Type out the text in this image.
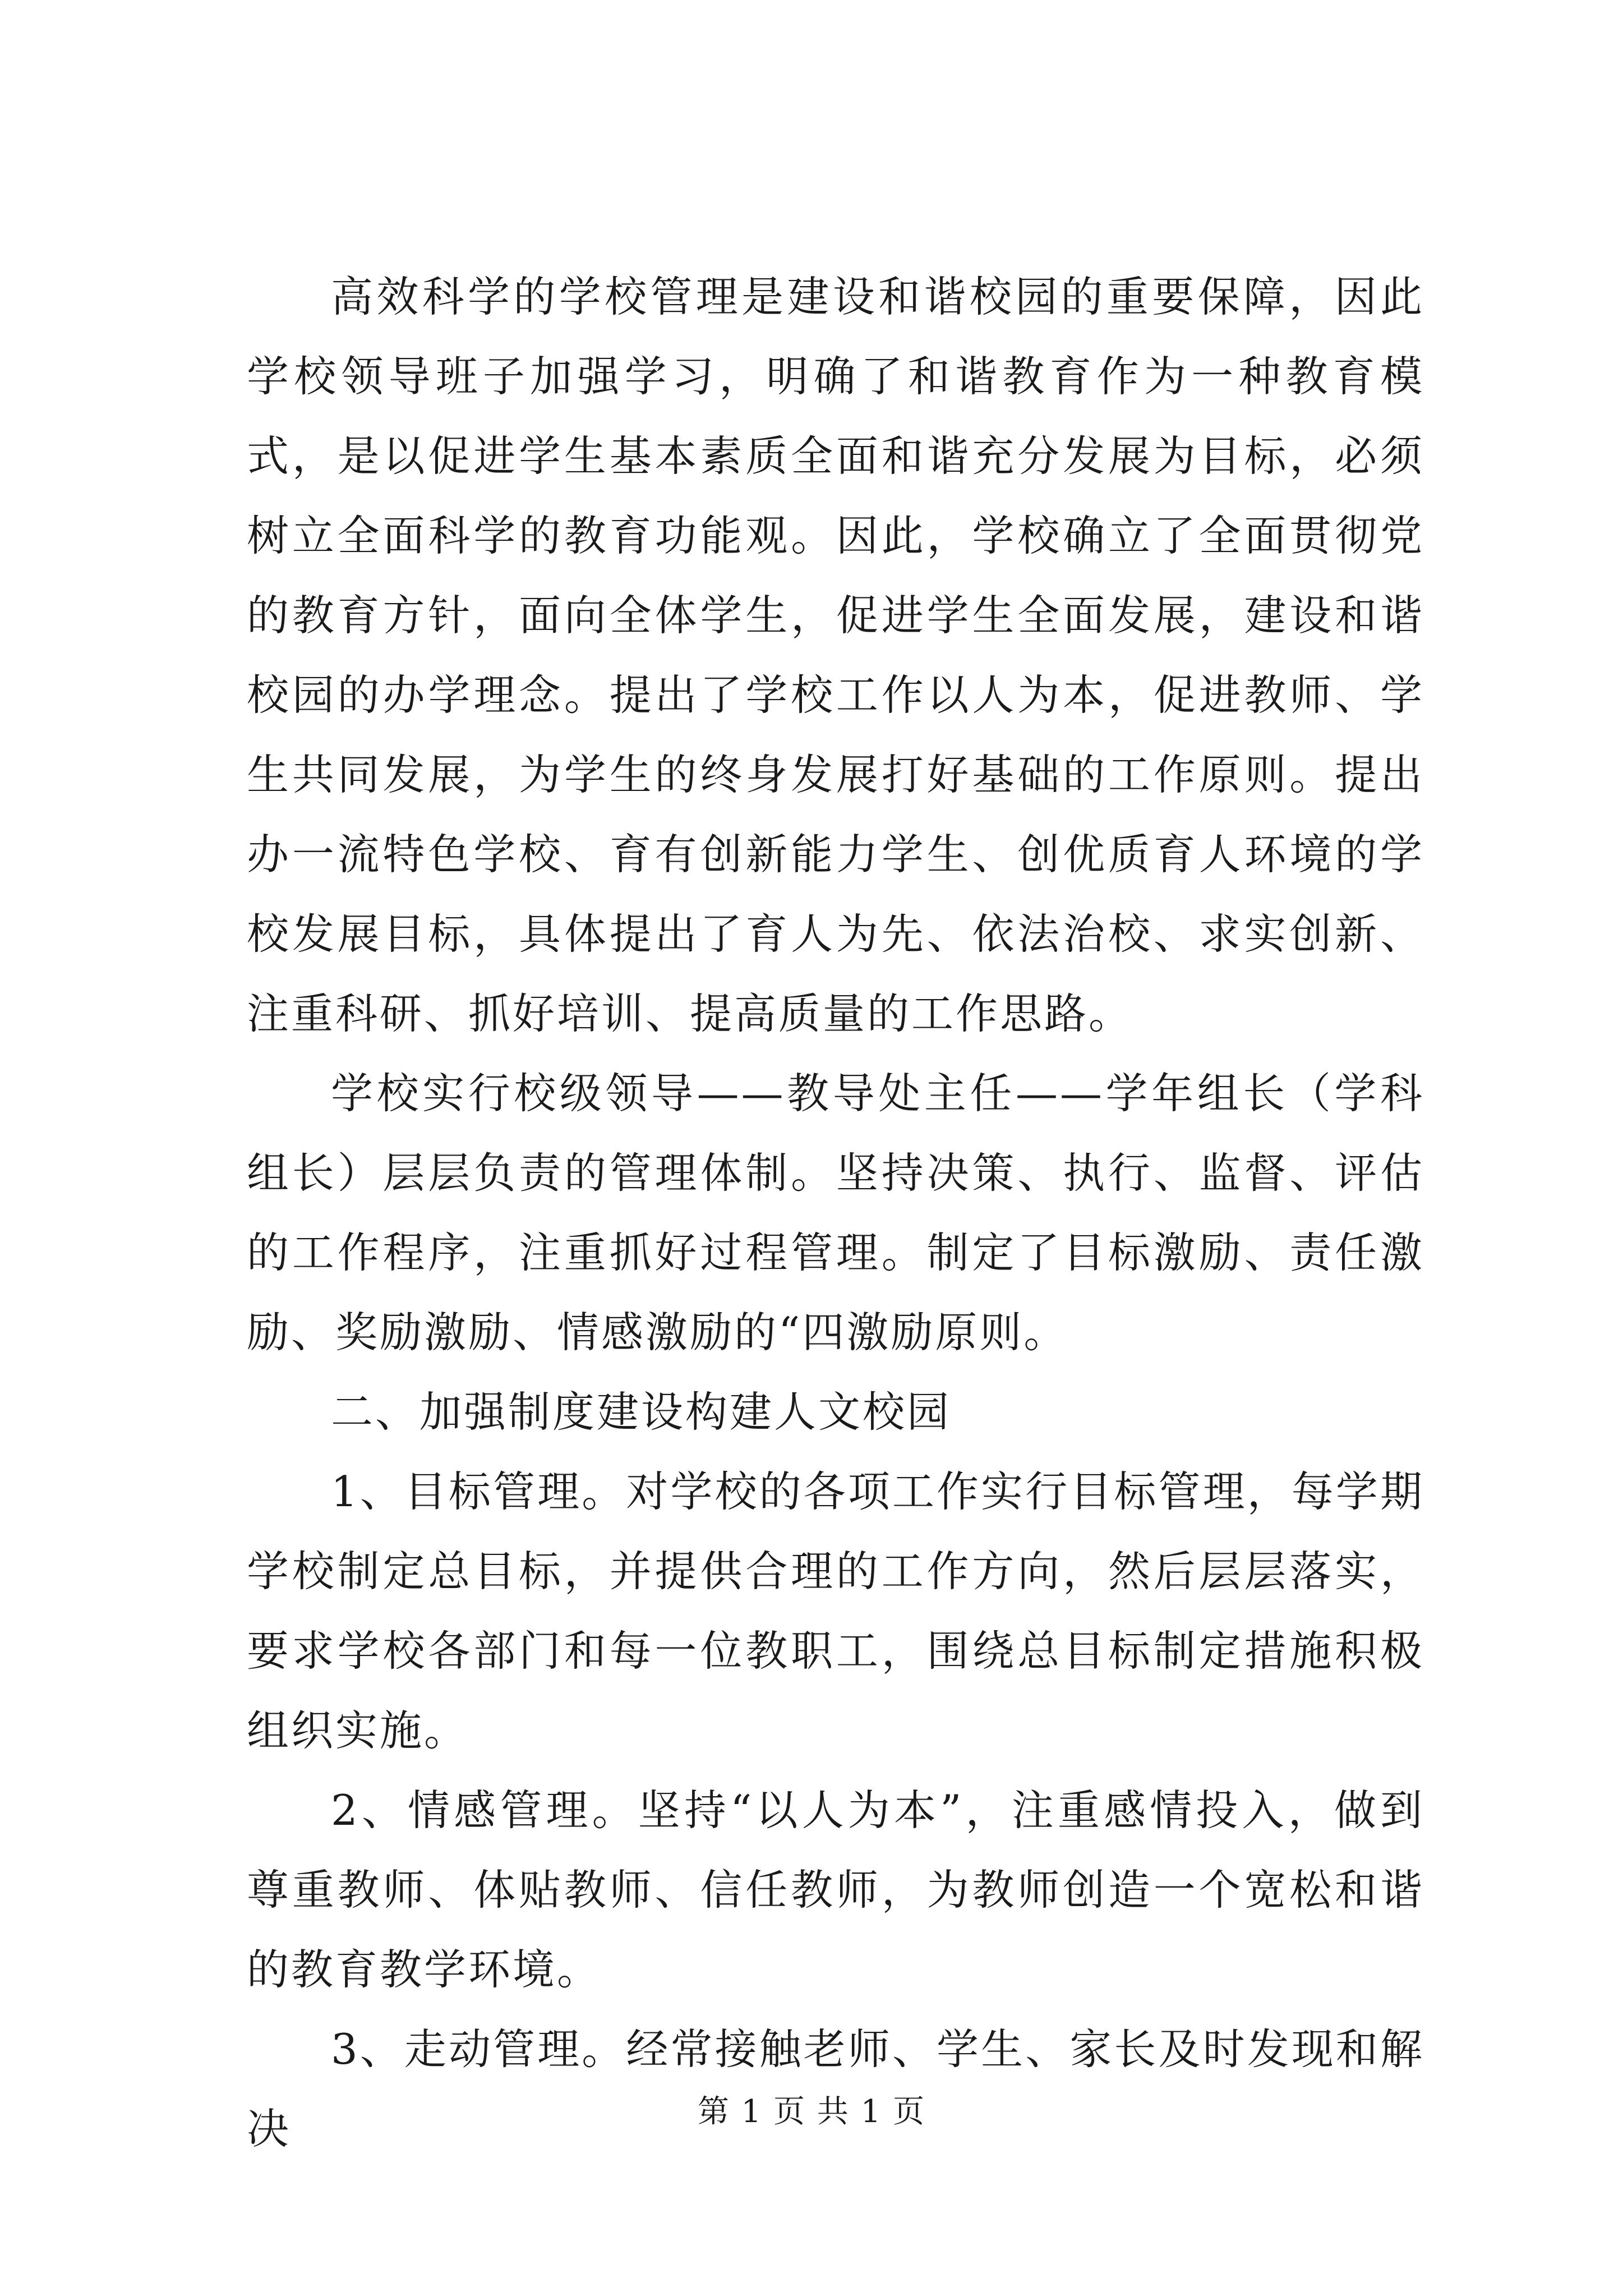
高效科学的学校管理是建设和谐校园的重要保障，因此学校领导班子加强学习，明确了和谐教育作为一种教育模式，是以促进学生基本素质全面和谐充分发展为目标，必须树立全面科学的教育功能观。因此，学校确立了全面贯彻党的教育方针，面向全体学生，促进学生全面发展，建设和谐校园的办学理念。提出了学校工作以人为本，促进教师、学生共同发展，为学生的终身发展打好基础的工作原则。提出办一流特色学校、育有创新能力学生、创优质育人环境的学校发展目标，具体提出了育人为先、依法治校、求实创新、注重科研、抓好培训、提高质量的工作思路。

学校实行校级领导——教导处主任——学年组长（学科组长）层层负责的管理体制。坚持决策、执行、监督、评估的工作程序，注重抓好过程管理。制定了目标激励、责任激励、奖励激励、情感激励的“四激励原则。

二、加强制度建设构建人文校园

1、目标管理。对学校的各项工作实行目标管理，每学期学校制定总目标，并提供合理的工作方向，然后层层落实，要求学校各部门和每一位教职工，围绕总目标制定措施积极组织实施。

2、情感管理。坚持“以人为本”，注重感情投入，做到尊重教师、体贴教师、信任教师，为教师创造一个宽松和谐的教育教学环境。

3、走动管理。经常接触老师、学生、家长及时发现和解决	第 1 页 共 1 页
